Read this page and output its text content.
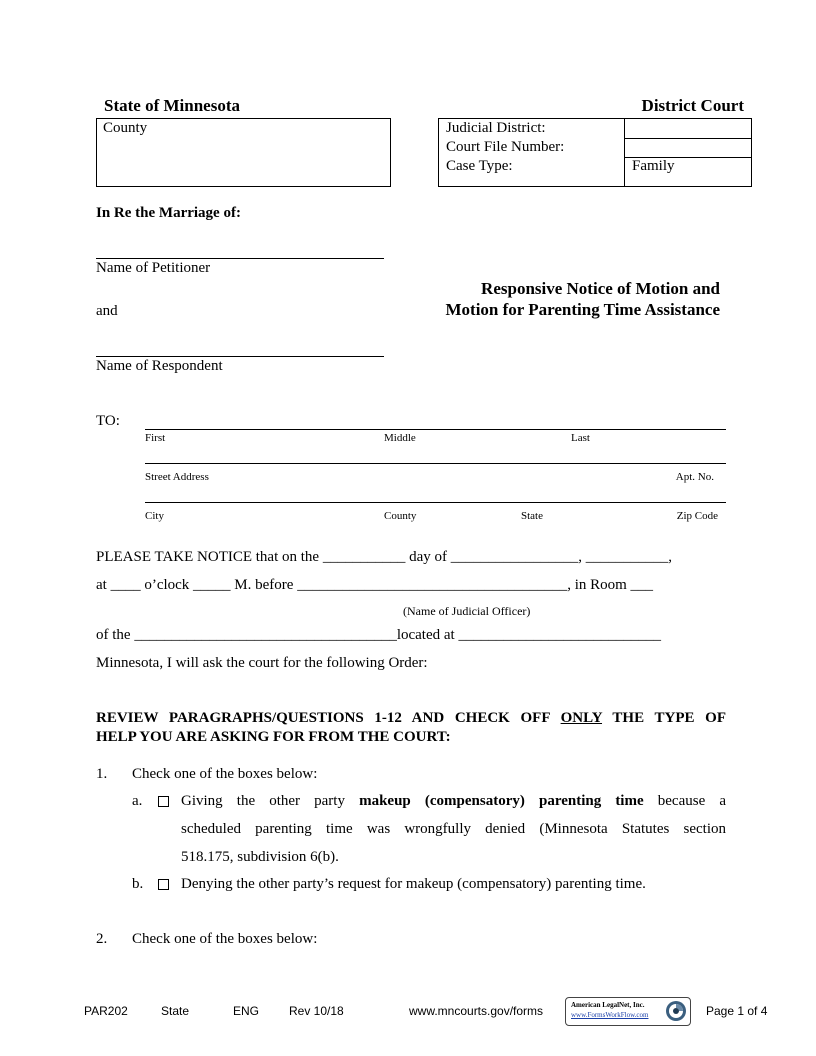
State of Minnesota	District Court
County	Judicial District:
Court File Number:
Case Type:	Family
In Re the Marriage of:
Name of Petitioner
and
Name of Respondent
Responsive Notice of Motion and
Motion for Parenting Time Assistance
TO:
First	Middle	Last
Street Address	Apt. No.
City	County	State	Zip Code
PLEASE TAKE NOTICE that on the ___________ day of _________________, ___________,
at ____ o’clock _____ M. before ____________________________________, in Room ___
(Name of Judicial Officer)
of the ___________________________________located at ___________________________
Minnesota, I will ask the court for the following Order:
REVIEW PARAGRAPHS/QUESTIONS 1-12 AND CHECK OFF ONLY THE TYPE OF
HELP YOU ARE ASKING FOR FROM THE COURT:
1. Check one of the boxes below:
a.	Giving the other party makeup (compensatory) parenting time because a
scheduled parenting time was wrongfully denied (Minnesota Statutes section
518.175, subdivision 6(b).
b.	Denying the other party’s request for makeup (compensatory) parenting time.
2. Check one of the boxes below:
PAR202	State	ENG Rev 10/18	www.mncourts.gov/forms	American LegalNet, Inc.
www.FormsWorkFlow.com	Page 1 of 4
